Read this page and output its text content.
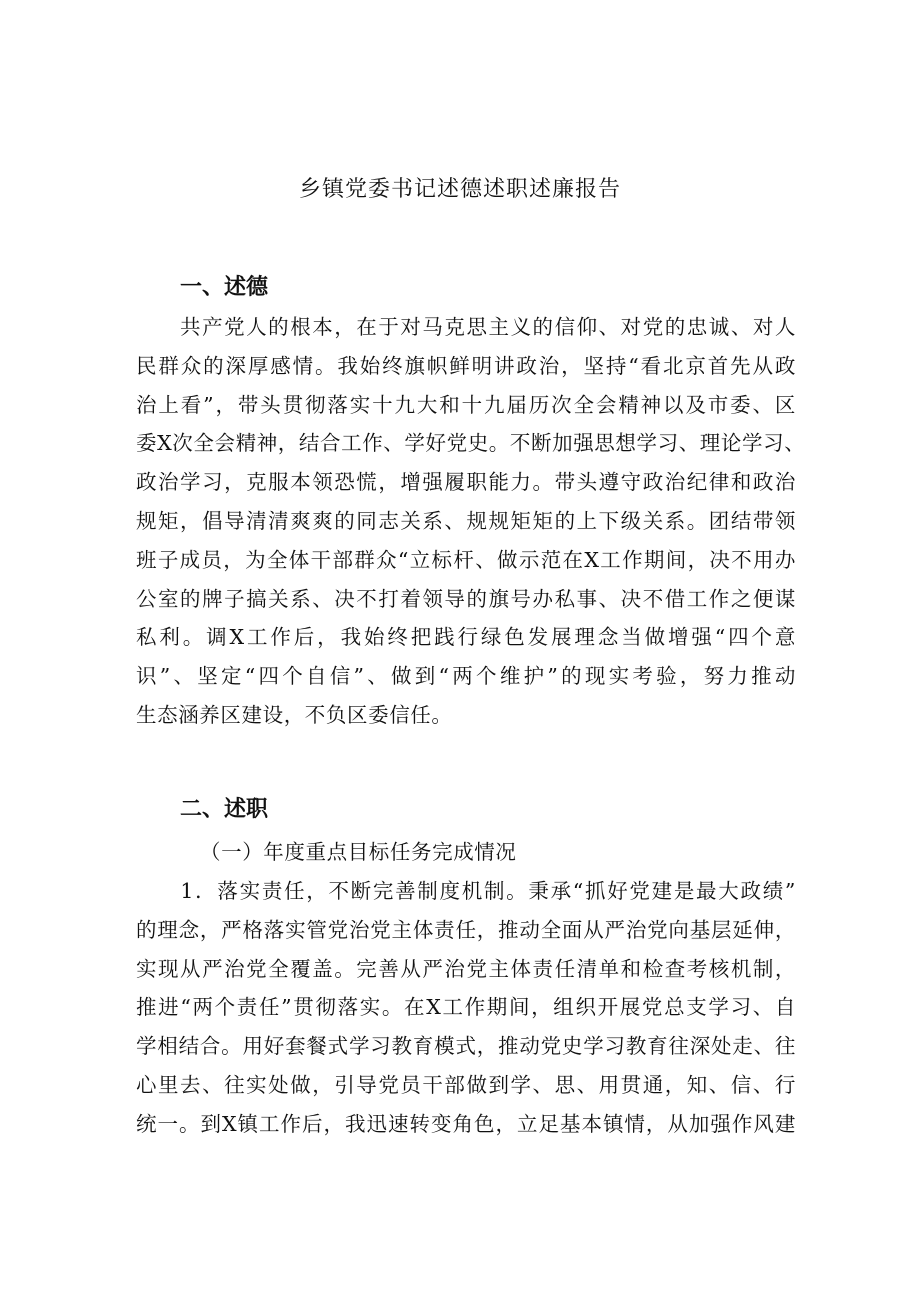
乡镇党委书记述德述职述廉报告
一、述德
　　共产党人的根本，在于对马克思主义的信仰、对党的忠诚、对人
民群众的深厚感情。我始终旗帜鲜明讲政治，坚持“看北京首先从政
治上看”，带头贯彻落实十九大和十九届历次全会精神以及市委、区
委X次全会精神，结合工作、学好党史。不断加强思想学习、理论学习、
政治学习，克服本领恐慌，增强履职能力。带头遵守政治纪律和政治
规矩，倡导清清爽爽的同志关系、规规矩矩的上下级关系。团结带领
班子成员，为全体干部群众“立标杆、做示范在X工作期间，决不用办
公室的牌子搞关系、决不打着领导的旗号办私事、决不借工作之便谋
私利。调X工作后，我始终把践行绿色发展理念当做增强“四个意
识”、坚定“四个自信”、做到“两个维护”的现实考验，努力推动
生态涵养区建设，不负区委信任。
二、述职

（一）年度重点目标任务完成情况

　　1．落实责任，不断完善制度机制。秉承“抓好党建是最大政绩”
的理念，严格落实管党治党主体责任，推动全面从严治党向基层延伸，
实现从严治党全覆盖。完善从严治党主体责任清单和检查考核机制，
推进“两个责任”贯彻落实。在X工作期间，组织开展党总支学习、自
学相结合。用好套餐式学习教育模式，推动党史学习教育往深处走、往
心里去、往实处做，引导党员干部做到学、思、用贯通，知、信、行
统一。到X镇工作后，我迅速转变角色，立足基本镇情，从加强作风建
